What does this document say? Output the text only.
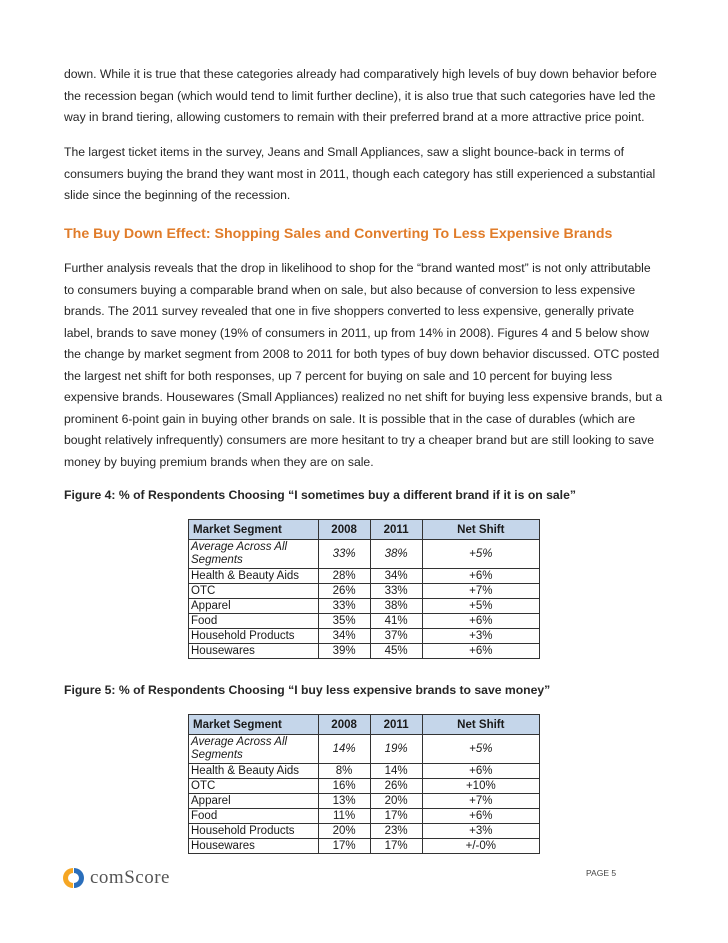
down. While it is true that these categories already had comparatively high levels of buy down behavior before the recession began (which would tend to limit further decline), it is also true that such categories have led the way in brand tiering, allowing customers to remain with their preferred brand at a more attractive price point.

The largest ticket items in the survey, Jeans and Small Appliances, saw a slight bounce-back in terms of consumers buying the brand they want most in 2011, though each category has still experienced a substantial slide since the beginning of the recession.

The Buy Down Effect: Shopping Sales and Converting To Less Expensive Brands

Further analysis reveals that the drop in likelihood to shop for the “brand wanted most” is not only attributable to consumers buying a comparable brand when on sale, but also because of conversion to less expensive brands. The 2011 survey revealed that one in five shoppers converted to less expensive, generally private label, brands to save money (19% of consumers in 2011, up from 14% in 2008). Figures 4 and 5 below show the change by market segment from 2008 to 2011 for both types of buy down behavior discussed. OTC posted the largest net shift for both responses, up 7 percent for buying on sale and 10 percent for buying less expensive brands. Housewares (Small Appliances) realized no net shift for buying less expensive brands, but a prominent 6-point gain in buying other brands on sale. It is possible that in the case of durables (which are bought relatively infrequently) consumers are more hesitant to try a cheaper brand but are still looking to save money by buying premium brands when they are on sale.

Figure 4: % of Respondents Choosing “I sometimes buy a different brand if it is on sale”

Market Segment	2008	2011	Net Shift
Average Across All Segments	33%	38%	+5%
Health & Beauty Aids	28%	34%	+6%
OTC	26%	33%	+7%
Apparel	33%	38%	+5%
Food	35%	41%	+6%
Household Products	34%	37%	+3%
Housewares	39%	45%	+6%

Figure 5: % of Respondents Choosing “I buy less expensive brands to save money”

Market Segment	2008	2011	Net Shift
Average Across All Segments	14%	19%	+5%
Health & Beauty Aids	8%	14%	+6%
OTC	16%	26%	+10%
Apparel	13%	20%	+7%
Food	11%	17%	+6%
Household Products	20%	23%	+3%
Housewares	17%	17%	+/-0%
comScore	PAGE 5
